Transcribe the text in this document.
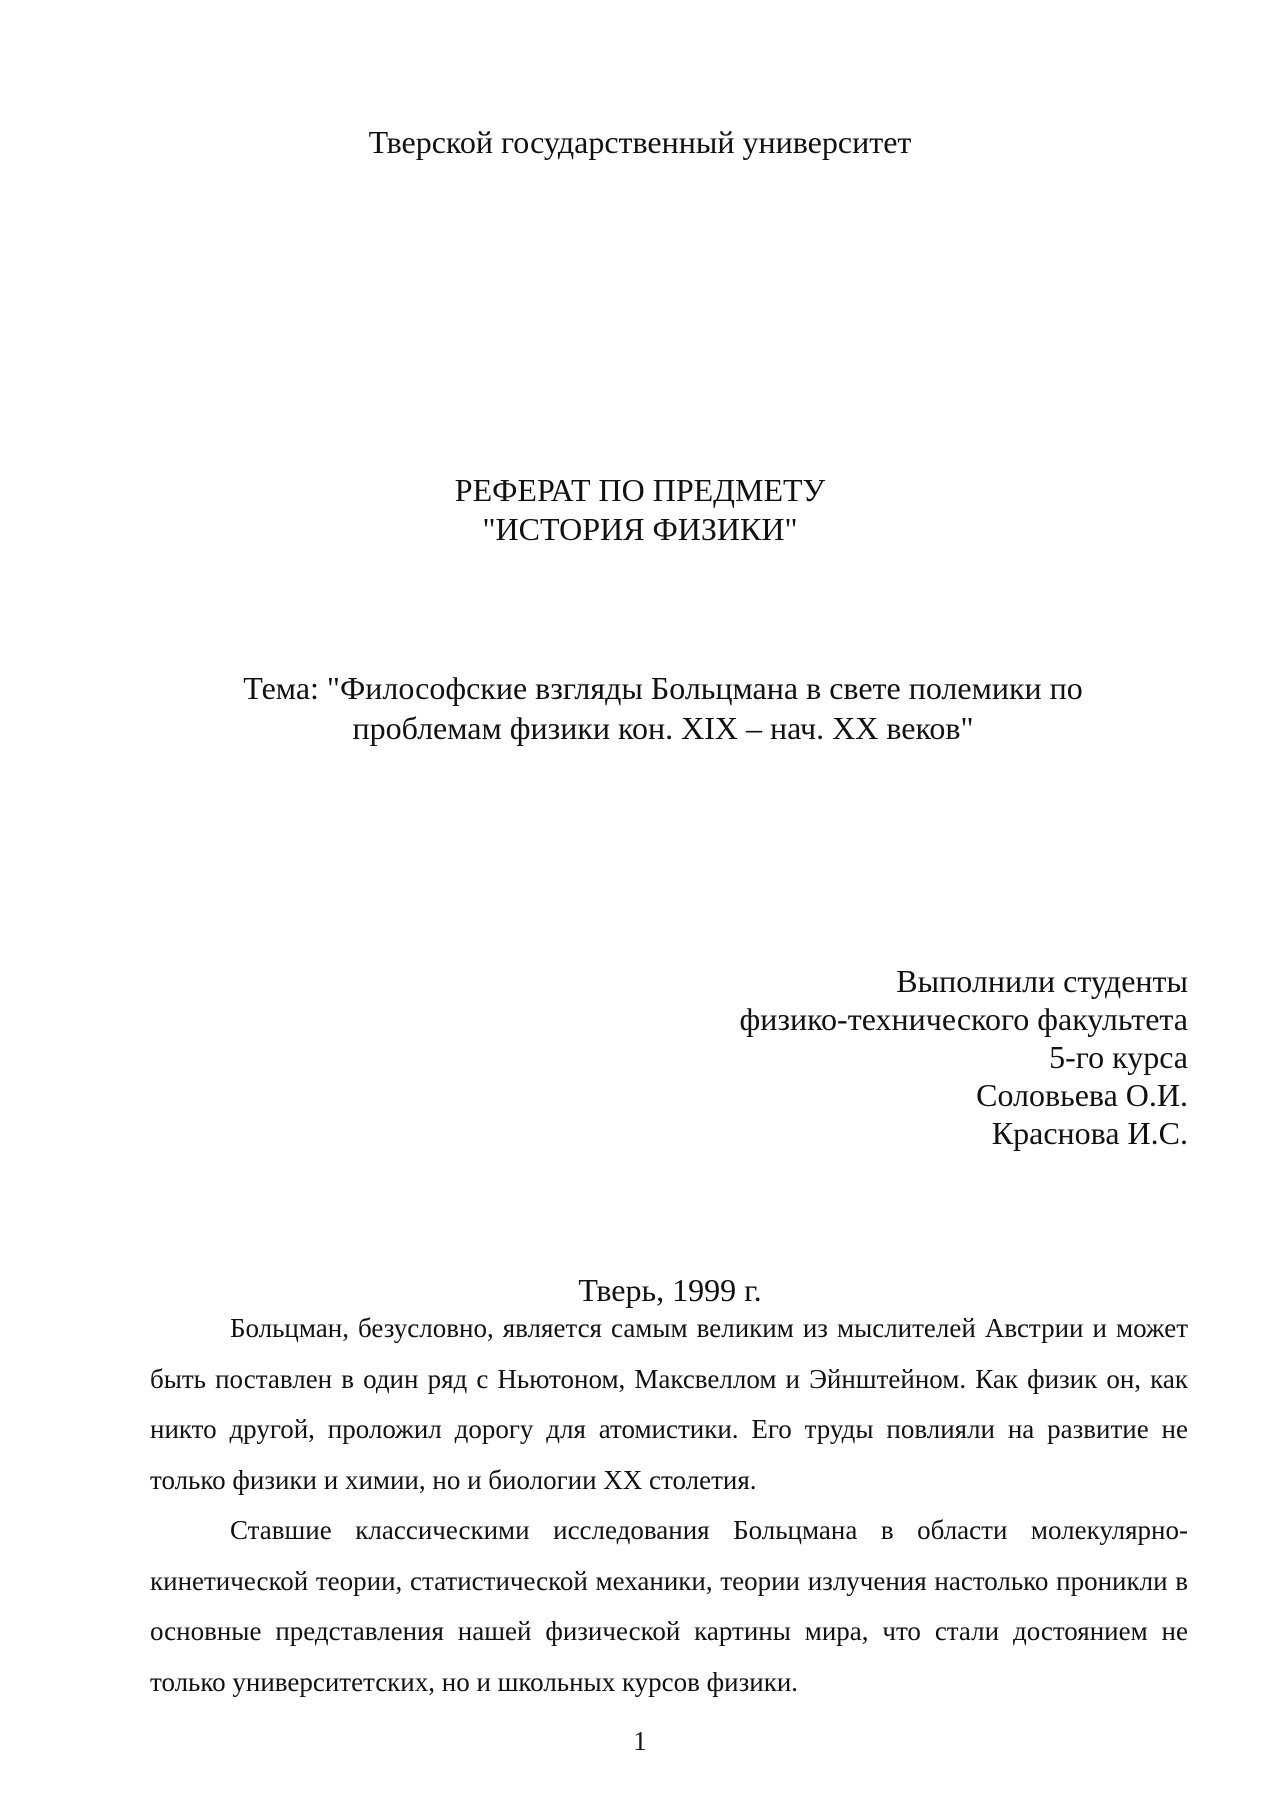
Тверской государственный университет
РЕФЕРАТ ПО ПРЕДМЕТУ
"ИСТОРИЯ ФИЗИКИ"
Тема: "Философские взгляды Больцмана в свете полемики по
проблемам физики кон. XIX – нач. XX веков"
Выполнили студенты
физико-технического факультета
5-го курса
Соловьева О.И.
Краснова И.С.
Тверь, 1999 г.

Больцман, безусловно, является самым великим из мыслителей Австрии и может быть поставлен в один ряд с Ньютоном, Максвеллом и Эйнштейном. Как физик он, как никто другой, проложил дорогу для атомистики. Его труды повлияли на развитие не только физики и химии, но и биологии XX столетия.

Ставшие классическими исследования Больцмана в области молекулярно-кинетической теории, статистической механики, теории излучения настолько проникли в основные представления нашей физической картины мира, что стали достоянием не только университетских, но и школьных курсов физики.

1
